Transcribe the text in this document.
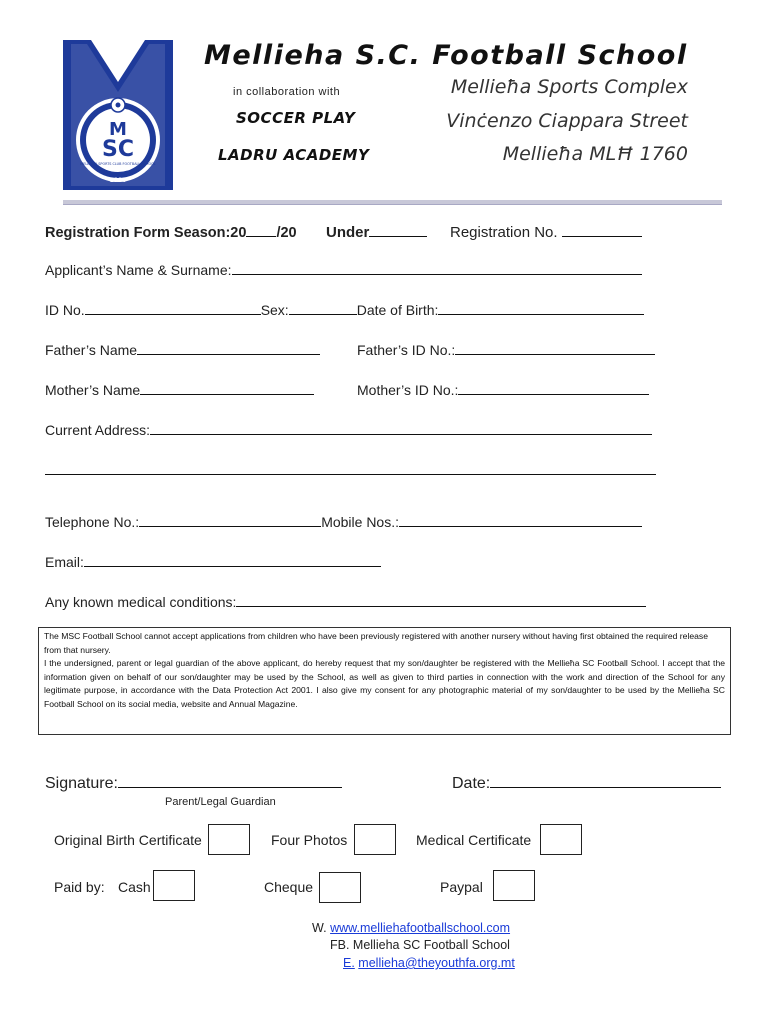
M
SC
MELLIEHA SPORTS CLUB FOOTBALL SCHOOL
1990
Mellieha S.C. Football School
in collaboration with
SOCCER PLAY
LADRU ACADEMY
Mellieħa Sports Complex
Vinċenzo Ciappara Street
Mellieħa MLĦ 1760
Registration Form Season:20 /20 Under	Registration No.
Applicant’s Name & Surname:
ID No.	Sex:	Date of Birth:
Father’s Name	Father’s ID No.:
Mother’s Name	Mother’s ID No.:
Current Address:
Telephone No.:	Mobile Nos.:
Email:
Any known medical conditions:
The MSC Football School cannot accept applications from children who have been previously registered with another nursery without having first obtained the required release from that nursery.
I the undersigned, parent or legal guardian of the above applicant, do hereby request that my son/daughter be registered with the Mellieħa SC Football School. I accept that the information given on behalf of our son/daughter may be used by the School, as well as given to third parties in connection with the work and direction of the School for any legitimate purpose, in accordance with the Data Protection Act 2001. I also give my consent for any photographic material of my son/daughter to be used by the Mellieħa SC Football School on its social media, website and Annual Magazine.
Signature:	Date:
Parent/Legal Guardian
Original Birth Certificate	Four Photos	Medical Certificate
Paid by: Cash	Cheque	Paypal
W. www.melliehafootballschool.com
FB. Mellieha SC Football School
E. mellieha@theyouthfa.org.mt
